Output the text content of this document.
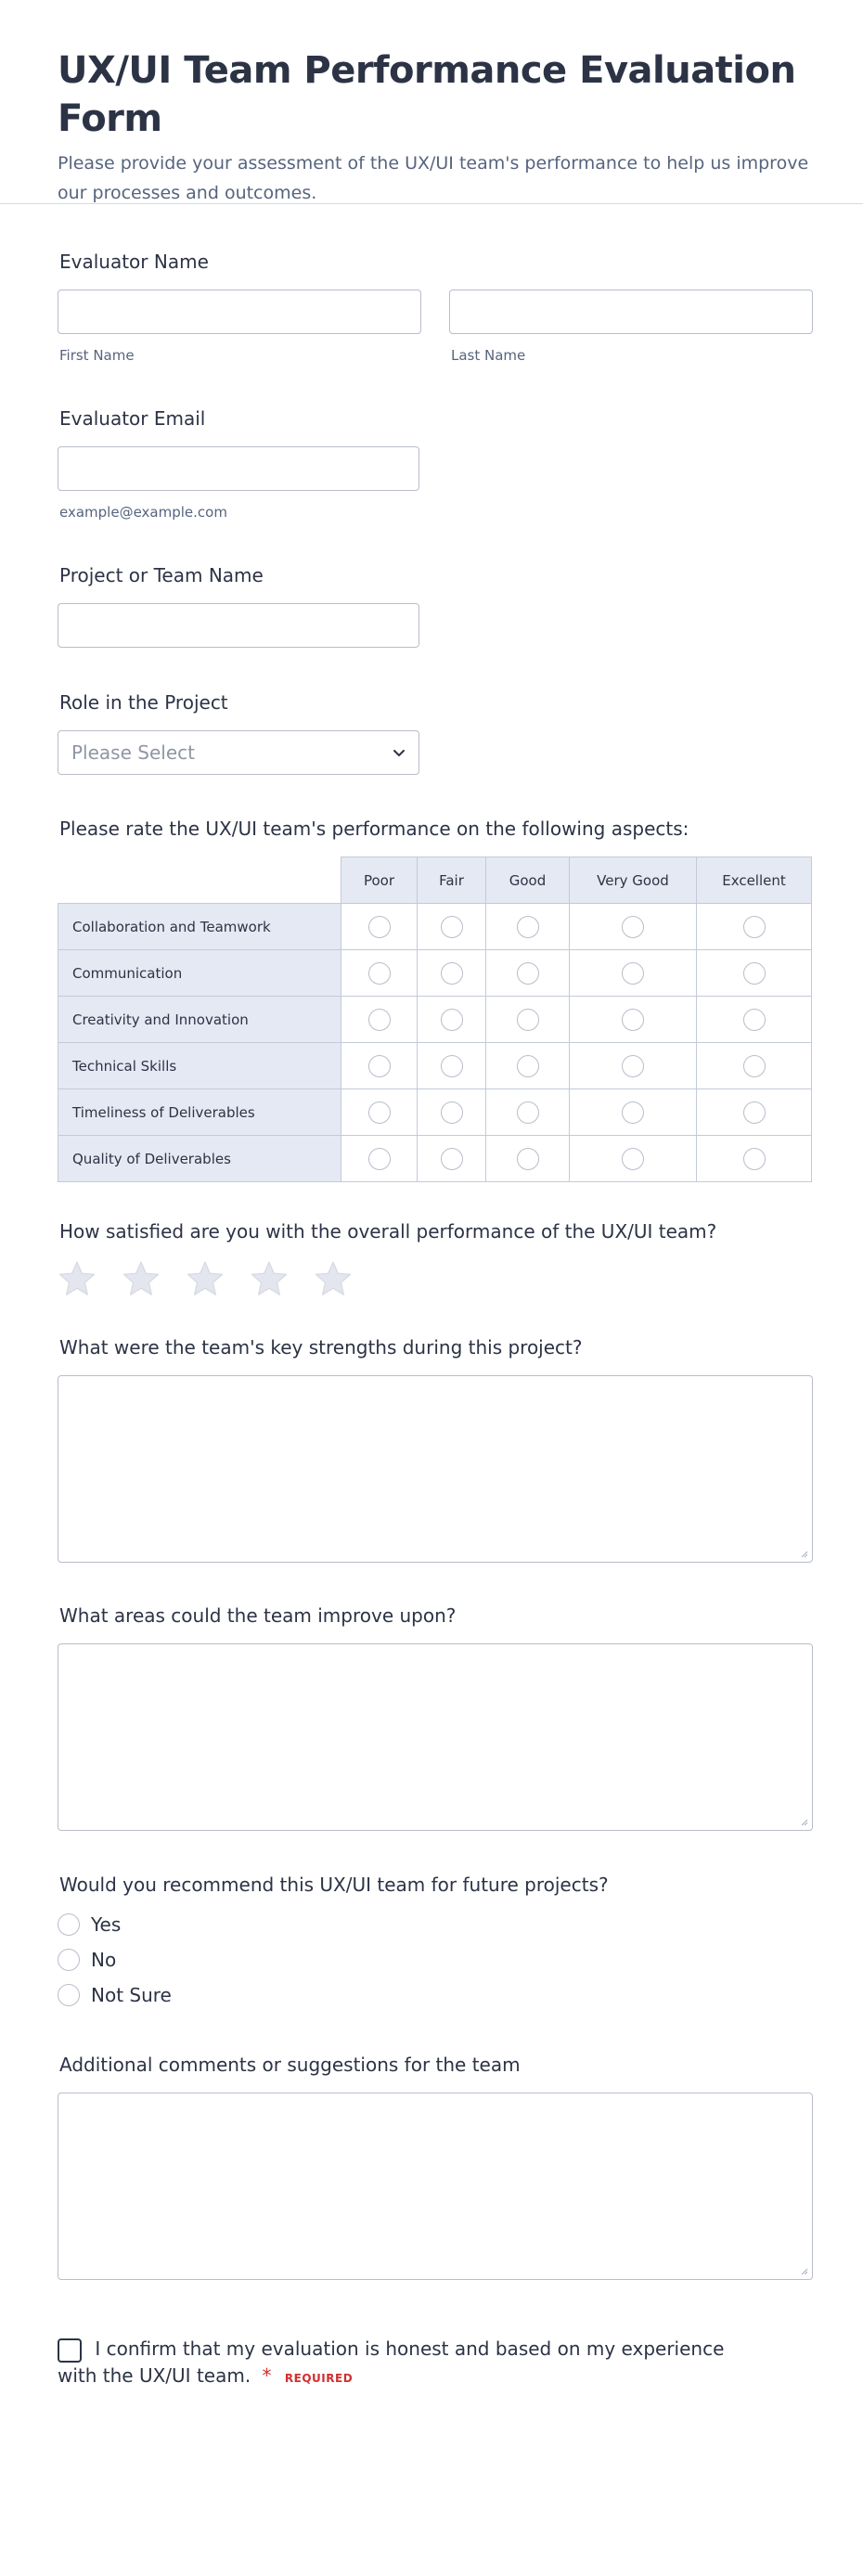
UX/UI Team Performance Evaluation Form

Please provide your assessment of the UX/UI team's performance to help us improve our processes and outcomes.

Evaluator Name
First Name	Last Name
Evaluator Email
example@example.com
Project or Team Name
Role in the Project
Please Select
Please rate the UX/UI team's performance on the following aspects:
	Poor	Fair	Good	Very Good	Excellent
Collaboration and Teamwork					
Communication					
Creativity and Innovation					
Technical Skills					
Timeliness of Deliverables					
Quality of Deliverables					
How satisfied are you with the overall performance of the UX/UI team?
What were the team's key strengths during this project?
What areas could the team improve upon?
Would you recommend this UX/UI team for future projects?
Yes
No
Not Sure
Additional comments or suggestions for the team
I confirm that my evaluation is honest and based on my experience with the UX/UI team. * REQUIRED
